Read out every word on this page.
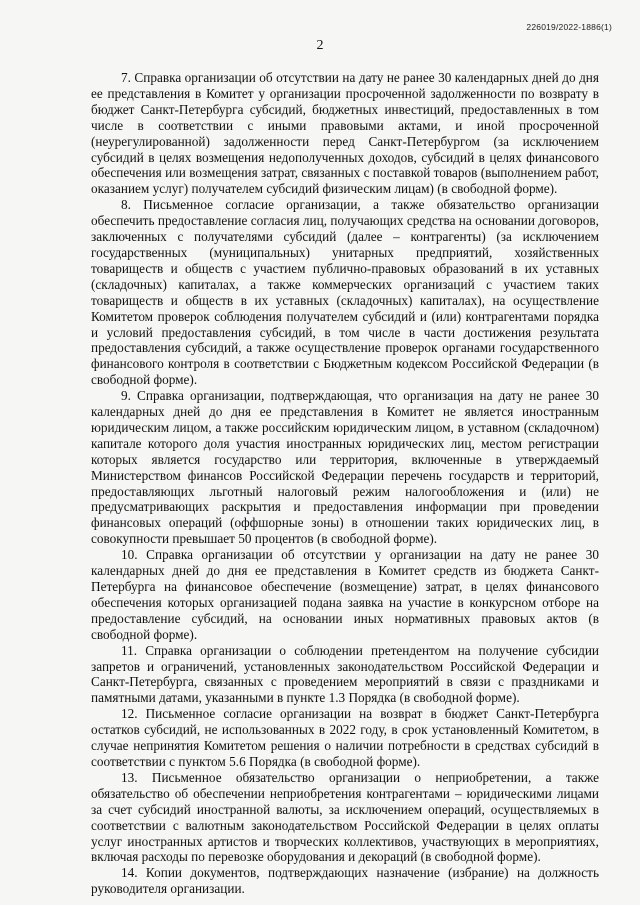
226019/2022-1886(1)
2

7. Справка организации об отсутствии на дату не ранее 30 календарных дней до дня ее представления в Комитет у организации просроченной задолженности по возврату в бюджет Санкт-Петербурга субсидий, бюджетных инвестиций, предоставленных в том числе в соответствии с иными правовыми актами, и иной просроченной (неурегулированной) задолженности перед Санкт-Петербургом (за исключением субсидий в целях возмещения недополученных доходов, субсидий в целях финансового обеспечения или возмещения затрат, связанных с поставкой товаров (выполнением работ, оказанием услуг) получателем субсидий физическим лицам) (в свободной форме).

8. Письменное согласие организации, а также обязательство организации обеспечить предоставление согласия лиц, получающих средства на основании договоров, заключенных с получателями субсидий (далее – контрагенты) (за исключением государственных (муниципальных) унитарных предприятий, хозяйственных товариществ и обществ с участием публично-правовых образований в их уставных (складочных) капиталах, а также коммерческих организаций с участием таких товариществ и обществ в их уставных (складочных) капиталах), на осуществление Комитетом проверок соблюдения получателем субсидий и (или) контрагентами порядка и условий предоставления субсидий, в том числе в части достижения результата предоставления субсидий, а также осуществление проверок органами государственного финансового контроля в соответствии с Бюджетным кодексом Российской Федерации (в свободной форме).

9. Справка организации, подтверждающая, что организация на дату не ранее 30 календарных дней до дня ее представления в Комитет не является иностранным юридическим лицом, а также российским юридическим лицом, в уставном (складочном) капитале которого доля участия иностранных юридических лиц, местом регистрации которых является государство или территория, включенные в утверждаемый Министерством финансов Российской Федерации перечень государств и территорий, предоставляющих льготный налоговый режим налогообложения и (или) не предусматривающих раскрытия и предоставления информации при проведении финансовых операций (оффшорные зоны) в отношении таких юридических лиц, в совокупности превышает 50 процентов (в свободной форме).

10. Справка организации об отсутствии у организации на дату не ранее 30 календарных дней до дня ее представления в Комитет средств из бюджета Санкт-Петербурга на финансовое обеспечение (возмещение) затрат, в целях финансового обеспечения которых организацией подана заявка на участие в конкурсном отборе на предоставление субсидий, на основании иных нормативных правовых актов (в свободной форме).

11. Справка организации о соблюдении претендентом на получение субсидии запретов и ограничений, установленных законодательством Российской Федерации и Санкт-Петербурга, связанных с проведением мероприятий в связи с праздниками и памятными датами, указанными в пункте 1.3 Порядка (в свободной форме).

12. Письменное согласие организации на возврат в бюджет Санкт-Петербурга остатков субсидий, не использованных в 2022 году, в срок установленный Комитетом, в случае непринятия Комитетом решения о наличии потребности в средствах субсидий в соответствии с пунктом 5.6 Порядка (в свободной форме).

13. Письменное обязательство организации о неприобретении, а также обязательство об обеспечении неприобретения контрагентами – юридическими лицами за счет субсидий иностранной валюты, за исключением операций, осуществляемых в соответствии с валютным законодательством Российской Федерации в целях оплаты услуг иностранных артистов и творческих коллективов, участвующих в мероприятиях, включая расходы по перевозке оборудования и декораций (в свободной форме).

14. Копии документов, подтверждающих назначение (избрание) на должность руководителя организации.
